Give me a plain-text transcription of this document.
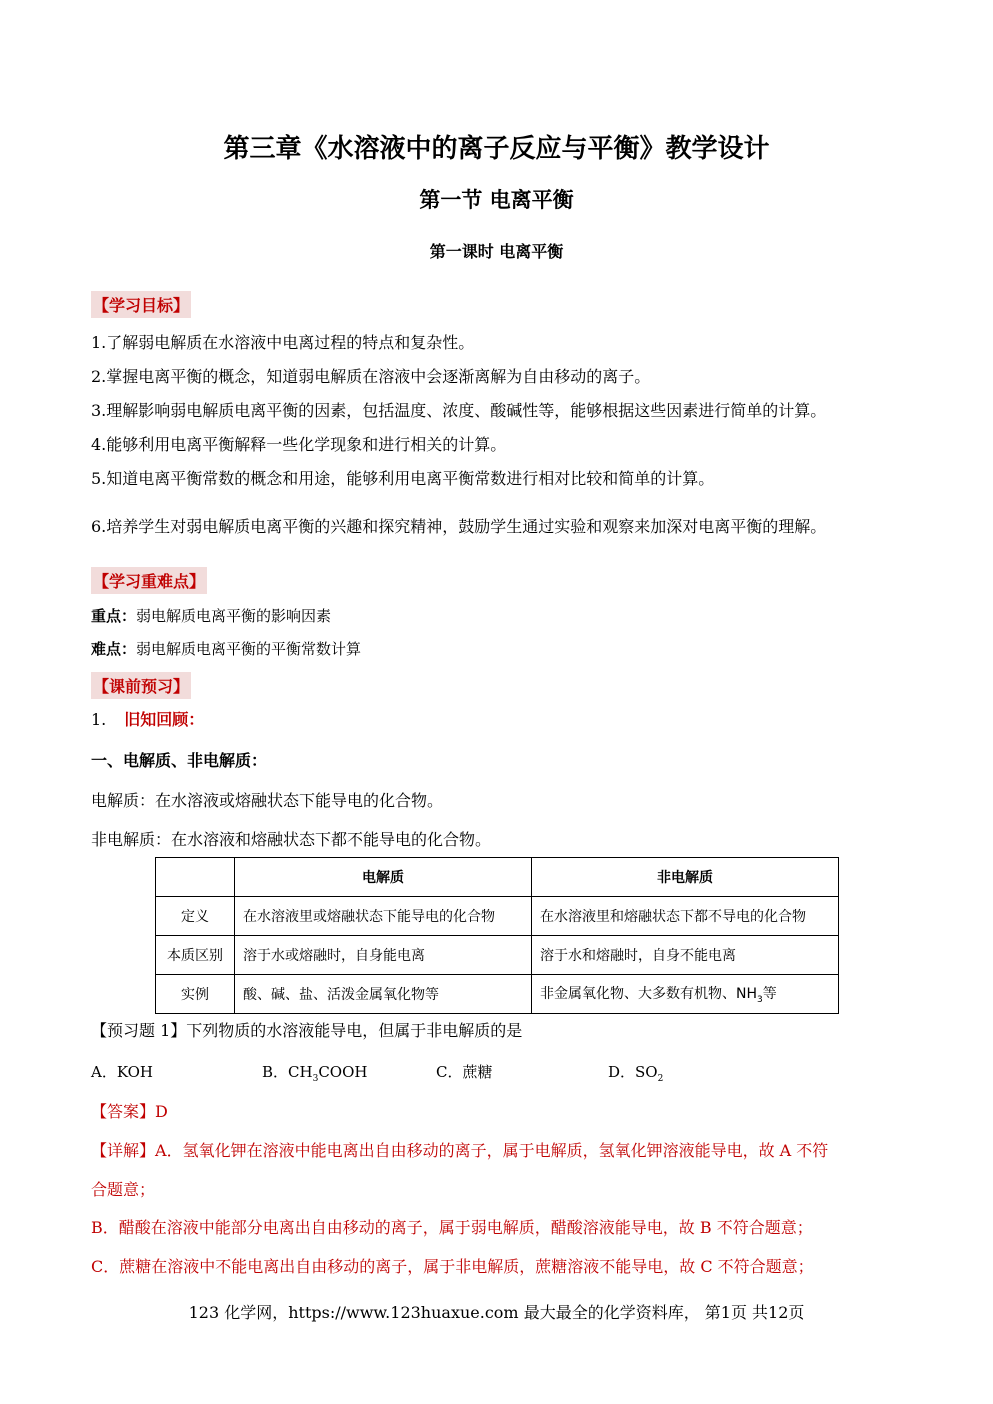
第三章《水溶液中的离子反应与平衡》教学设计
第一节 电离平衡
第一课时 电离平衡
【学习目标】
1.了解弱电解质在水溶液中电离过程的特点和复杂性。
2.掌握电离平衡的概念，知道弱电解质在溶液中会逐渐离解为自由移动的离子。
3.理解影响弱电解质电离平衡的因素，包括温度、浓度、酸碱性等，能够根据这些因素进行简单的计算。
4.能够利用电离平衡解释一些化学现象和进行相关的计算。
5.知道电离平衡常数的概念和用途，能够利用电离平衡常数进行相对比较和简单的计算。
6.培养学生对弱电解质电离平衡的兴趣和探究精神，鼓励学生通过实验和观察来加深对电离平衡的理解。
【学习重难点】
重点：弱电解质电离平衡的影响因素
难点：弱电解质电离平衡的平衡常数计算
【课前预习】
1. 旧知回顾：
一、电解质、非电解质：
电解质：在水溶液或熔融状态下能导电的化合物。
非电解质：在水溶液和熔融状态下都不能导电的化合物。
	电解质	非电解质
定义	在水溶液里或熔融状态下能导电的化合物	在水溶液里和熔融状态下都不导电的化合物
本质区别	溶于水或熔融时，自身能电离	溶于水和熔融时，自身不能电离
实例	酸、碱、盐、活泼金属氧化物等	非金属氧化物、大多数有机物、$NH_3$等
【预习题 1】下列物质的水溶液能导电，但属于非电解质的是
A．KOH	B．$CH_3COOH$	C．蔗糖	D．$SO_2$
【答案】D
【详解】A．氢氧化钾在溶液中能电离出自由移动的离子，属于电解质，氢氧化钾溶液能导电，故 A 不符
合题意；
B．醋酸在溶液中能部分电离出自由移动的离子，属于弱电解质，醋酸溶液能导电，故 B 不符合题意；
C．蔗糖在溶液中不能电离出自由移动的离子，属于非电解质，蔗糖溶液不能导电，故 C 不符合题意；
123 化学网，https://www.123huaxue.com 最大最全的化学资料库， 第1页 共12页
